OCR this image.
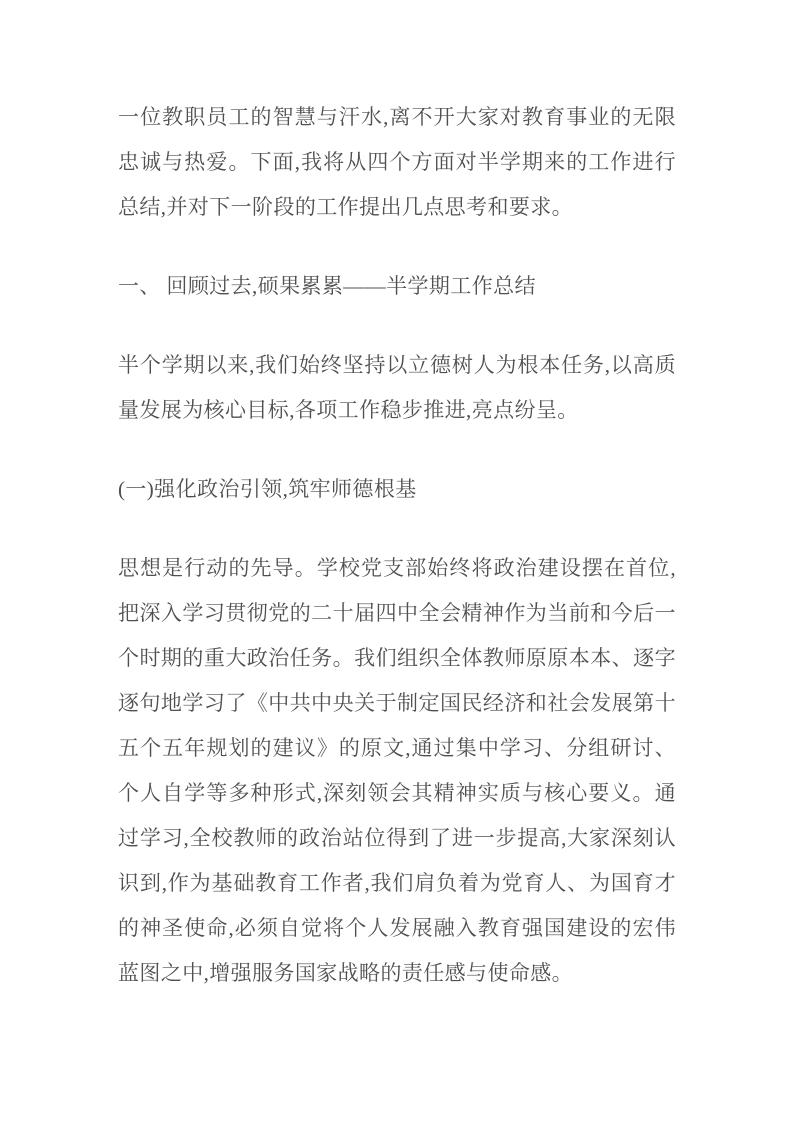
一位教职员工的智慧与汗水,离不开大家对教育事业的无限忠诚与热爱。下面,我将从四个方面对半学期来的工作进行总结,并对下一阶段的工作提出几点思考和要求。

一、 回顾过去,硕果累累——半学期工作总结

半个学期以来,我们始终坚持以立德树人为根本任务,以高质量发展为核心目标,各项工作稳步推进,亮点纷呈。

(一)强化政治引领,筑牢师德根基

思想是行动的先导。学校党支部始终将政治建设摆在首位,把深入学习贯彻党的二十届四中全会精神作为当前和今后一个时期的重大政治任务。我们组织全体教师原原本本、逐字逐句地学习了《中共中央关于制定国民经济和社会发展第十五个五年规划的建议》的原文,通过集中学习、分组研讨、个人自学等多种形式,深刻领会其精神实质与核心要义。通过学习,全校教师的政治站位得到了进一步提高,大家深刻认识到,作为基础教育工作者,我们肩负着为党育人、为国育才的神圣使命,必须自觉将个人发展融入教育强国建设的宏伟蓝图之中,增强服务国家战略的责任感与使命感。
